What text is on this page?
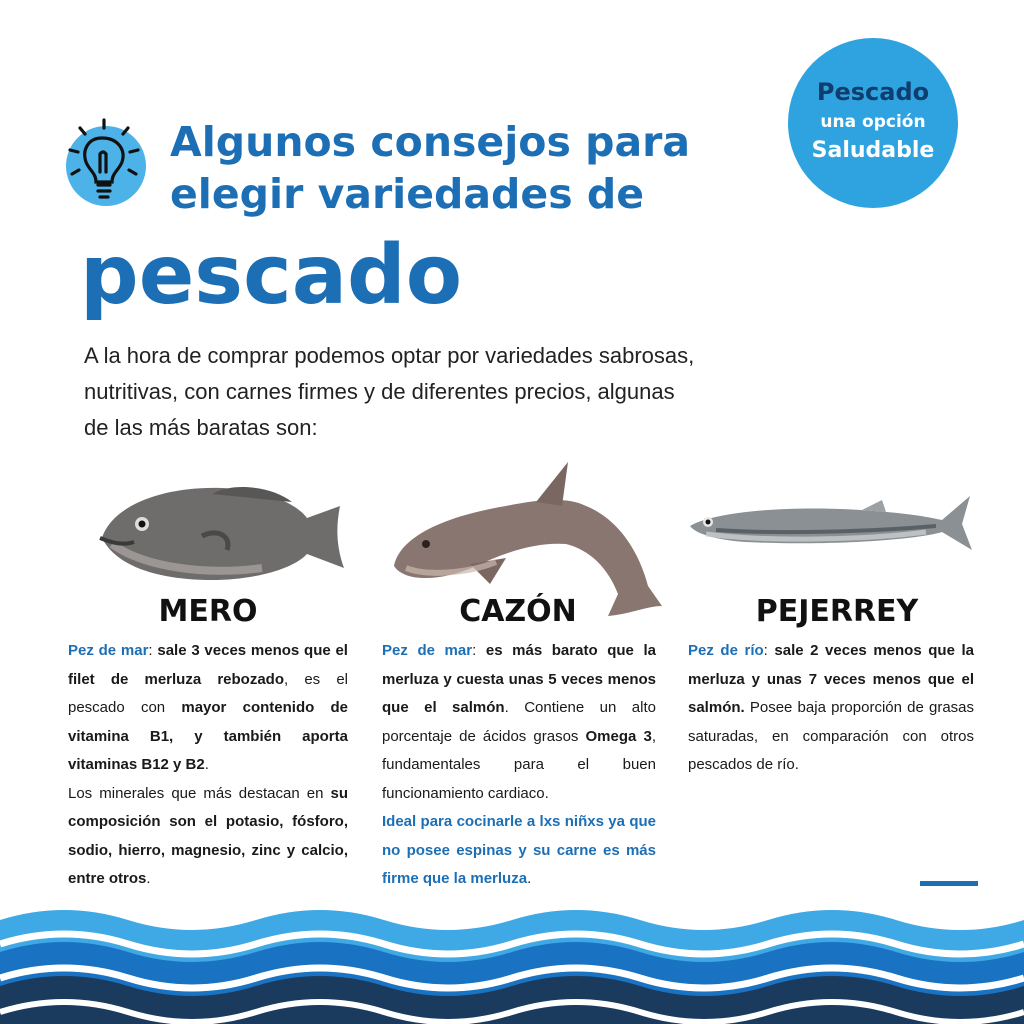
Algunos consejos para
elegir variedades de
pescado
Pescado
una opción
Saludable
A la hora de comprar podemos optar por variedades sabrosas,
nutritivas, con carnes firmes y de diferentes precios, algunas
de las más baratas son:
MERO	CAZÓN	PEJERREY
Pez de mar: sale 3 veces menos que el filet de merluza rebozado, es el pescado con mayor contenido de vitamina B1, y también aporta vitaminas B12 y B2.
Los minerales que más destacan en su composición son el potasio, fósforo, sodio, hierro, magnesio, zinc y calcio, entre otros.
Pez de mar: es más barato que la merluza y cuesta unas 5 veces menos que el salmón. Contiene un alto porcentaje de ácidos grasos Omega 3, fundamentales para el buen funcionamiento cardiaco.
Ideal para cocinarle a lxs niñxs ya que no posee espinas y su carne es más firme que la merluza.
Pez de río: sale 2 veces menos que la merluza y unas 7 veces menos que el salmón. Posee baja proporción de grasas saturadas, en comparación con otros pescados de río.
